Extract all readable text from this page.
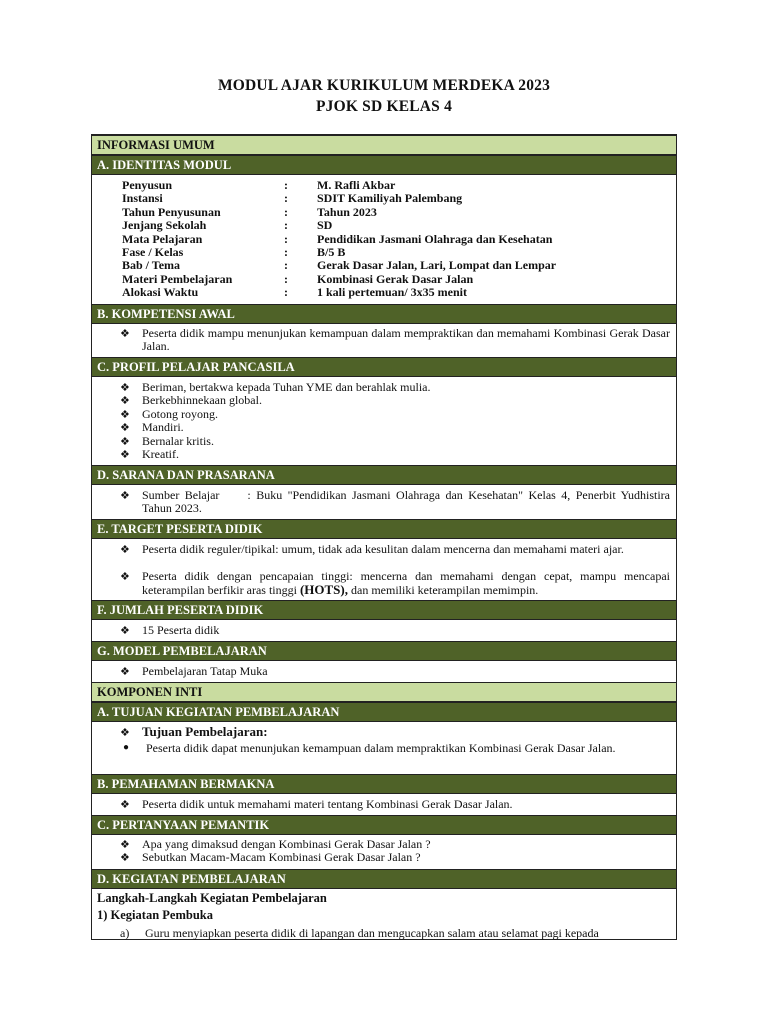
MODUL AJAR KURIKULUM MERDEKA 2023
PJOK SD KELAS 4
INFORMASI UMUM
A. IDENTITAS MODUL
Penyusun	: M. Rafli Akbar
Instansi	: SDIT Kamiliyah Palembang
Tahun Penyusunan	: Tahun 2023
Jenjang Sekolah	: SD
Mata Pelajaran	: Pendidikan Jasmani Olahraga dan Kesehatan
Fase / Kelas	: B/5 B
Bab / Tema	: Gerak Dasar Jalan, Lari, Lompat dan Lempar
Materi Pembelajaran	: Kombinasi Gerak Dasar Jalan
Alokasi Waktu	: 1 kali pertemuan/ 3x35 menit
B. KOMPETENSI AWAL
❖ Peserta didik mampu menunjukan kemampuan dalam mempraktikan dan memahami Kombinasi Gerak Dasar Jalan.
C. PROFIL PELAJAR PANCASILA
❖ Beriman, bertakwa kepada Tuhan YME dan berahlak mulia.
❖ Berkebhinnekaan global.
❖ Gotong royong.
❖ Mandiri.
❖ Bernalar kritis.
❖ Kreatif.
D. SARANA DAN PRASARANA
❖ Sumber Belajar : Buku "Pendidikan Jasmani Olahraga dan Kesehatan" Kelas 4, Penerbit Yudhistira Tahun 2023.
E. TARGET PESERTA DIDIK
❖ Peserta didik reguler/tipikal: umum, tidak ada kesulitan dalam mencerna dan memahami materi ajar.
❖ Peserta didik dengan pencapaian tinggi: mencerna dan memahami dengan cepat, mampu mencapai keterampilan berfikir aras tinggi (HOTS), dan memiliki keterampilan memimpin.
F. JUMLAH PESERTA DIDIK
❖ 15 Peserta didik
G. MODEL PEMBELAJARAN
❖ Pembelajaran Tatap Muka
KOMPONEN INTI
A. TUJUAN KEGIATAN PEMBELAJARAN
❖ Tujuan Pembelajaran:
●	Peserta didik dapat menunjukan kemampuan dalam mempraktikan Kombinasi Gerak Dasar Jalan.
B. PEMAHAMAN BERMAKNA
❖ Peserta didik untuk memahami materi tentang Kombinasi Gerak Dasar Jalan.
C. PERTANYAAN PEMANTIK
❖ Apa yang dimaksud dengan Kombinasi Gerak Dasar Jalan ?
❖ Sebutkan Macam-Macam Kombinasi Gerak Dasar Jalan ?
D. KEGIATAN PEMBELAJARAN
Langkah-Langkah Kegiatan Pembelajaran
1) Kegiatan Pembuka
a)	Guru menyiapkan peserta didik di lapangan dan mengucapkan salam atau selamat pagi kepada
